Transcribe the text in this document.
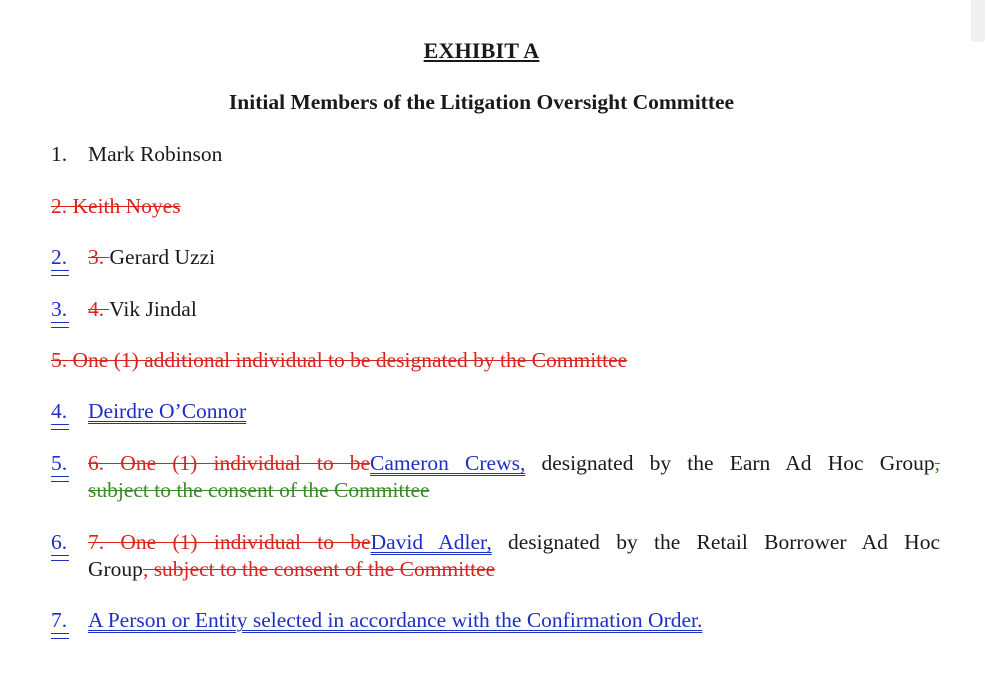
EXHIBIT A
Initial Members of the Litigation Oversight Committee
1. Mark Robinson
2. Keith Noyes
2. 3. Gerard Uzzi
3. 4. Vik Jindal
5. One (1) additional individual to be designated by the Committee
4. Deirdre O’Connor
5. 6. One (1) individual to beCameron Crews, designated by the Earn Ad Hoc Group,
subject to the consent of the Committee
6. 7. One (1) individual to beDavid Adler, designated by the Retail Borrower Ad Hoc
Group, subject to the consent of the Committee
7. A Person or Entity selected in accordance with the Confirmation Order.
